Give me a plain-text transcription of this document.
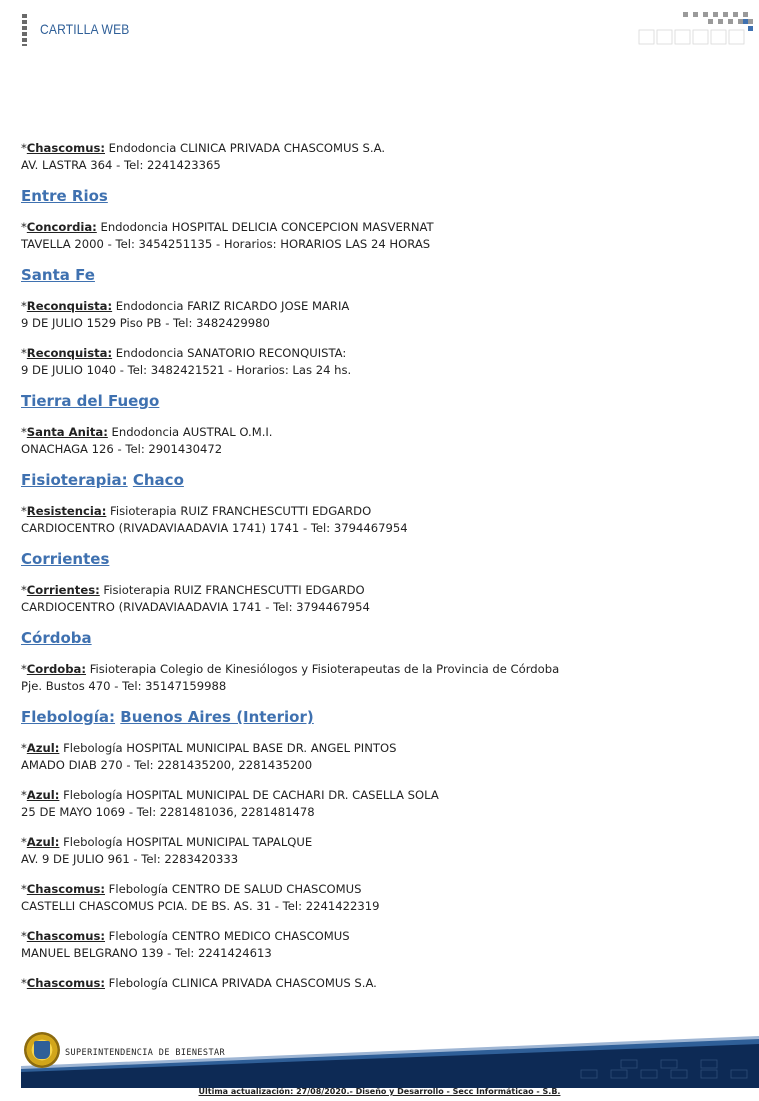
CARTILLA WEB
*Chascomus: Endodoncia CLINICA PRIVADA CHASCOMUS S.A.
AV. LASTRA 364 - Tel: 2241423365
Entre Rios
*Concordia: Endodoncia HOSPITAL DELICIA CONCEPCION MASVERNAT
TAVELLA 2000 - Tel: 3454251135 - Horarios: HORARIOS LAS 24 HORAS
Santa Fe
*Reconquista: Endodoncia FARIZ RICARDO JOSE MARIA
9 DE JULIO 1529 Piso PB - Tel: 3482429980
*Reconquista: Endodoncia SANATORIO RECONQUISTA:
9 DE JULIO 1040 - Tel: 3482421521 - Horarios: Las 24 hs.
Tierra del Fuego
*Santa Anita: Endodoncia AUSTRAL O.M.I.
ONACHAGA 126 - Tel: 2901430472
Fisioterapia: Chaco
*Resistencia: Fisioterapia RUIZ FRANCHESCUTTI EDGARDO
CARDIOCENTRO (RIVADAVIAADAVIA 1741) 1741 - Tel: 3794467954
Corrientes
*Corrientes: Fisioterapia RUIZ FRANCHESCUTTI EDGARDO
CARDIOCENTRO (RIVADAVIAADAVIA 1741 - Tel: 3794467954
Córdoba
*Cordoba: Fisioterapia Colegio de Kinesiólogos y Fisioterapeutas de la Provincia de Córdoba
Pje. Bustos 470 - Tel: 35147159988
Flebología: Buenos Aires (Interior)
*Azul: Flebología HOSPITAL MUNICIPAL BASE DR. ANGEL PINTOS
AMADO DIAB 270 - Tel: 2281435200, 2281435200
*Azul: Flebología HOSPITAL MUNICIPAL DE CACHARI DR. CASELLA SOLA
25 DE MAYO 1069 - Tel: 2281481036, 2281481478
*Azul: Flebología HOSPITAL MUNICIPAL TAPALQUE
AV. 9 DE JULIO 961 - Tel: 2283420333
*Chascomus: Flebología CENTRO DE SALUD CHASCOMUS
CASTELLI CHASCOMUS PCIA. DE BS. AS. 31 - Tel: 2241422319
*Chascomus: Flebología CENTRO MEDICO CHASCOMUS
MANUEL BELGRANO 139 - Tel: 2241424613
*Chascomus: Flebología CLINICA PRIVADA CHASCOMUS S.A.
SUPERINTENDENCIA DE BIENESTAR
Ultima actualización: 27/08/2020.- Diseño y Desarrollo - Secc Informáticao - S.B.
